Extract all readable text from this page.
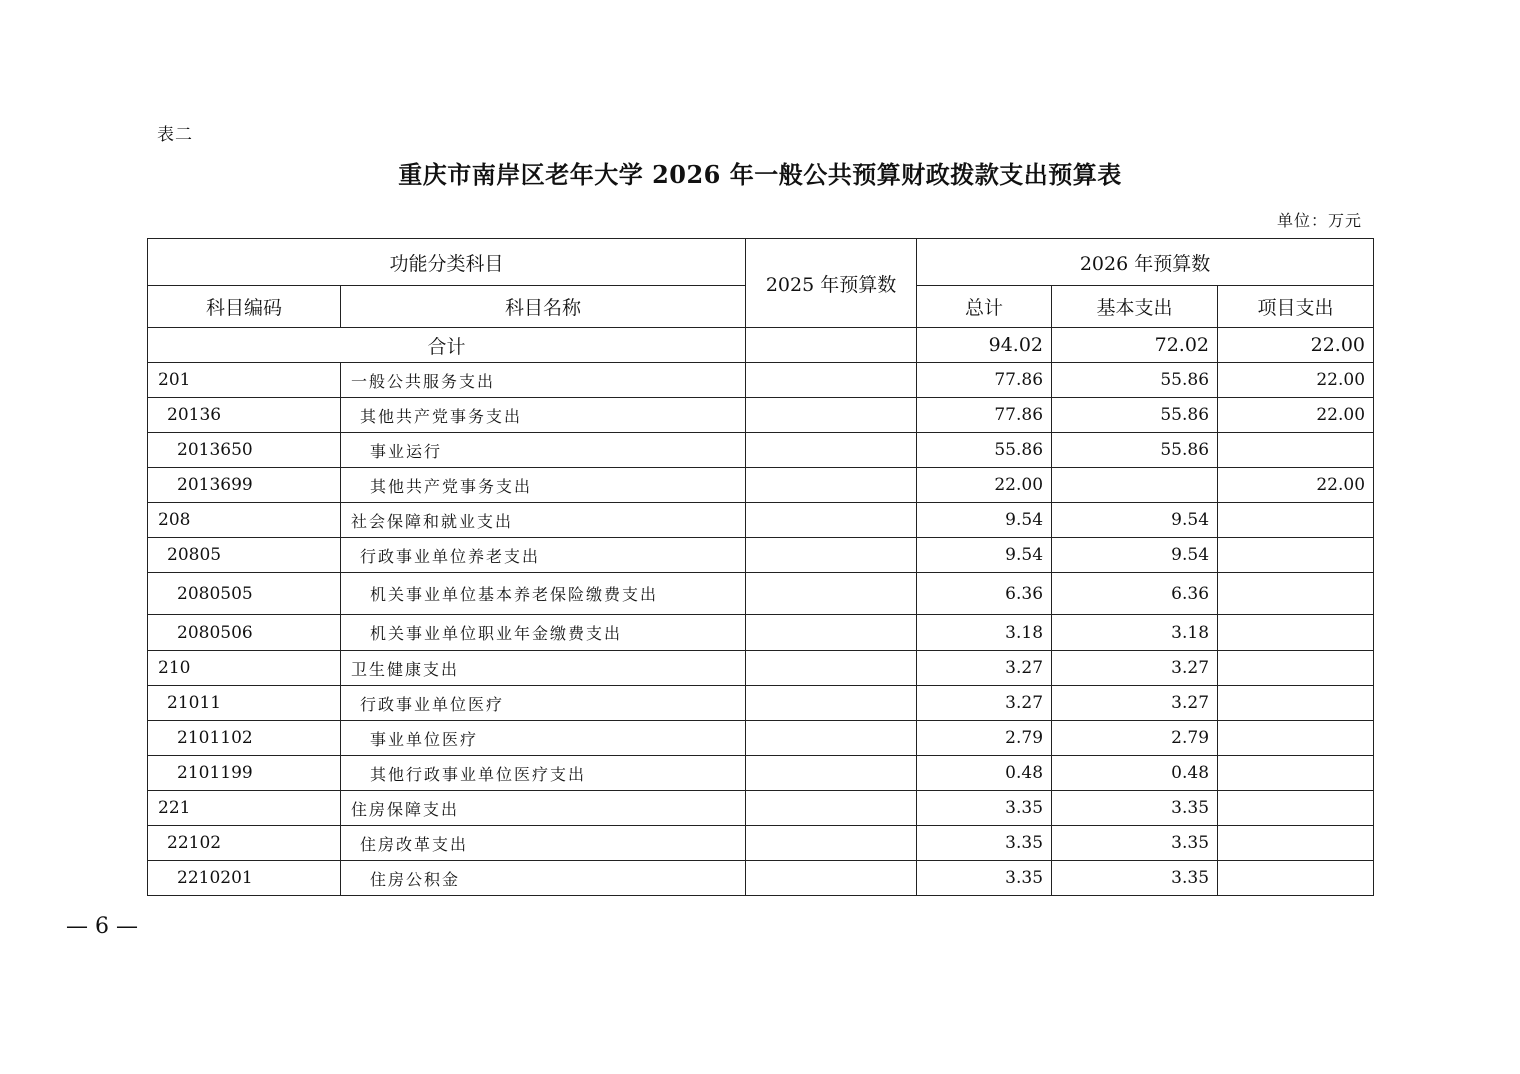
表二
重庆市南岸区老年大学 2026 年一般公共预算财政拨款支出预算表
单位：万元
功能分类科目		2025 年预算数	2026 年预算数		
科目编码	科目名称		总计	基本支出	项目支出
合计			94.02	72.02	22.00
201	一般公共服务支出		77.86	55.86	22.00
20136	其他共产党事务支出		77.86	55.86	22.00
2013650	事业运行		55.86	55.86	
2013699	其他共产党事务支出		22.00		22.00
208	社会保障和就业支出		9.54	9.54	
20805	行政事业单位养老支出		9.54	9.54	
2080505	机关事业单位基本养老保险缴费支出		6.36	6.36	
2080506	机关事业单位职业年金缴费支出		3.18	3.18	
210	卫生健康支出		3.27	3.27	
21011	行政事业单位医疗		3.27	3.27	
2101102	事业单位医疗		2.79	2.79	
2101199	其他行政事业单位医疗支出		0.48	0.48	
221	住房保障支出		3.35	3.35	
22102	住房改革支出		3.35	3.35	
2210201	住房公积金		3.35	3.35	
— 6 —
